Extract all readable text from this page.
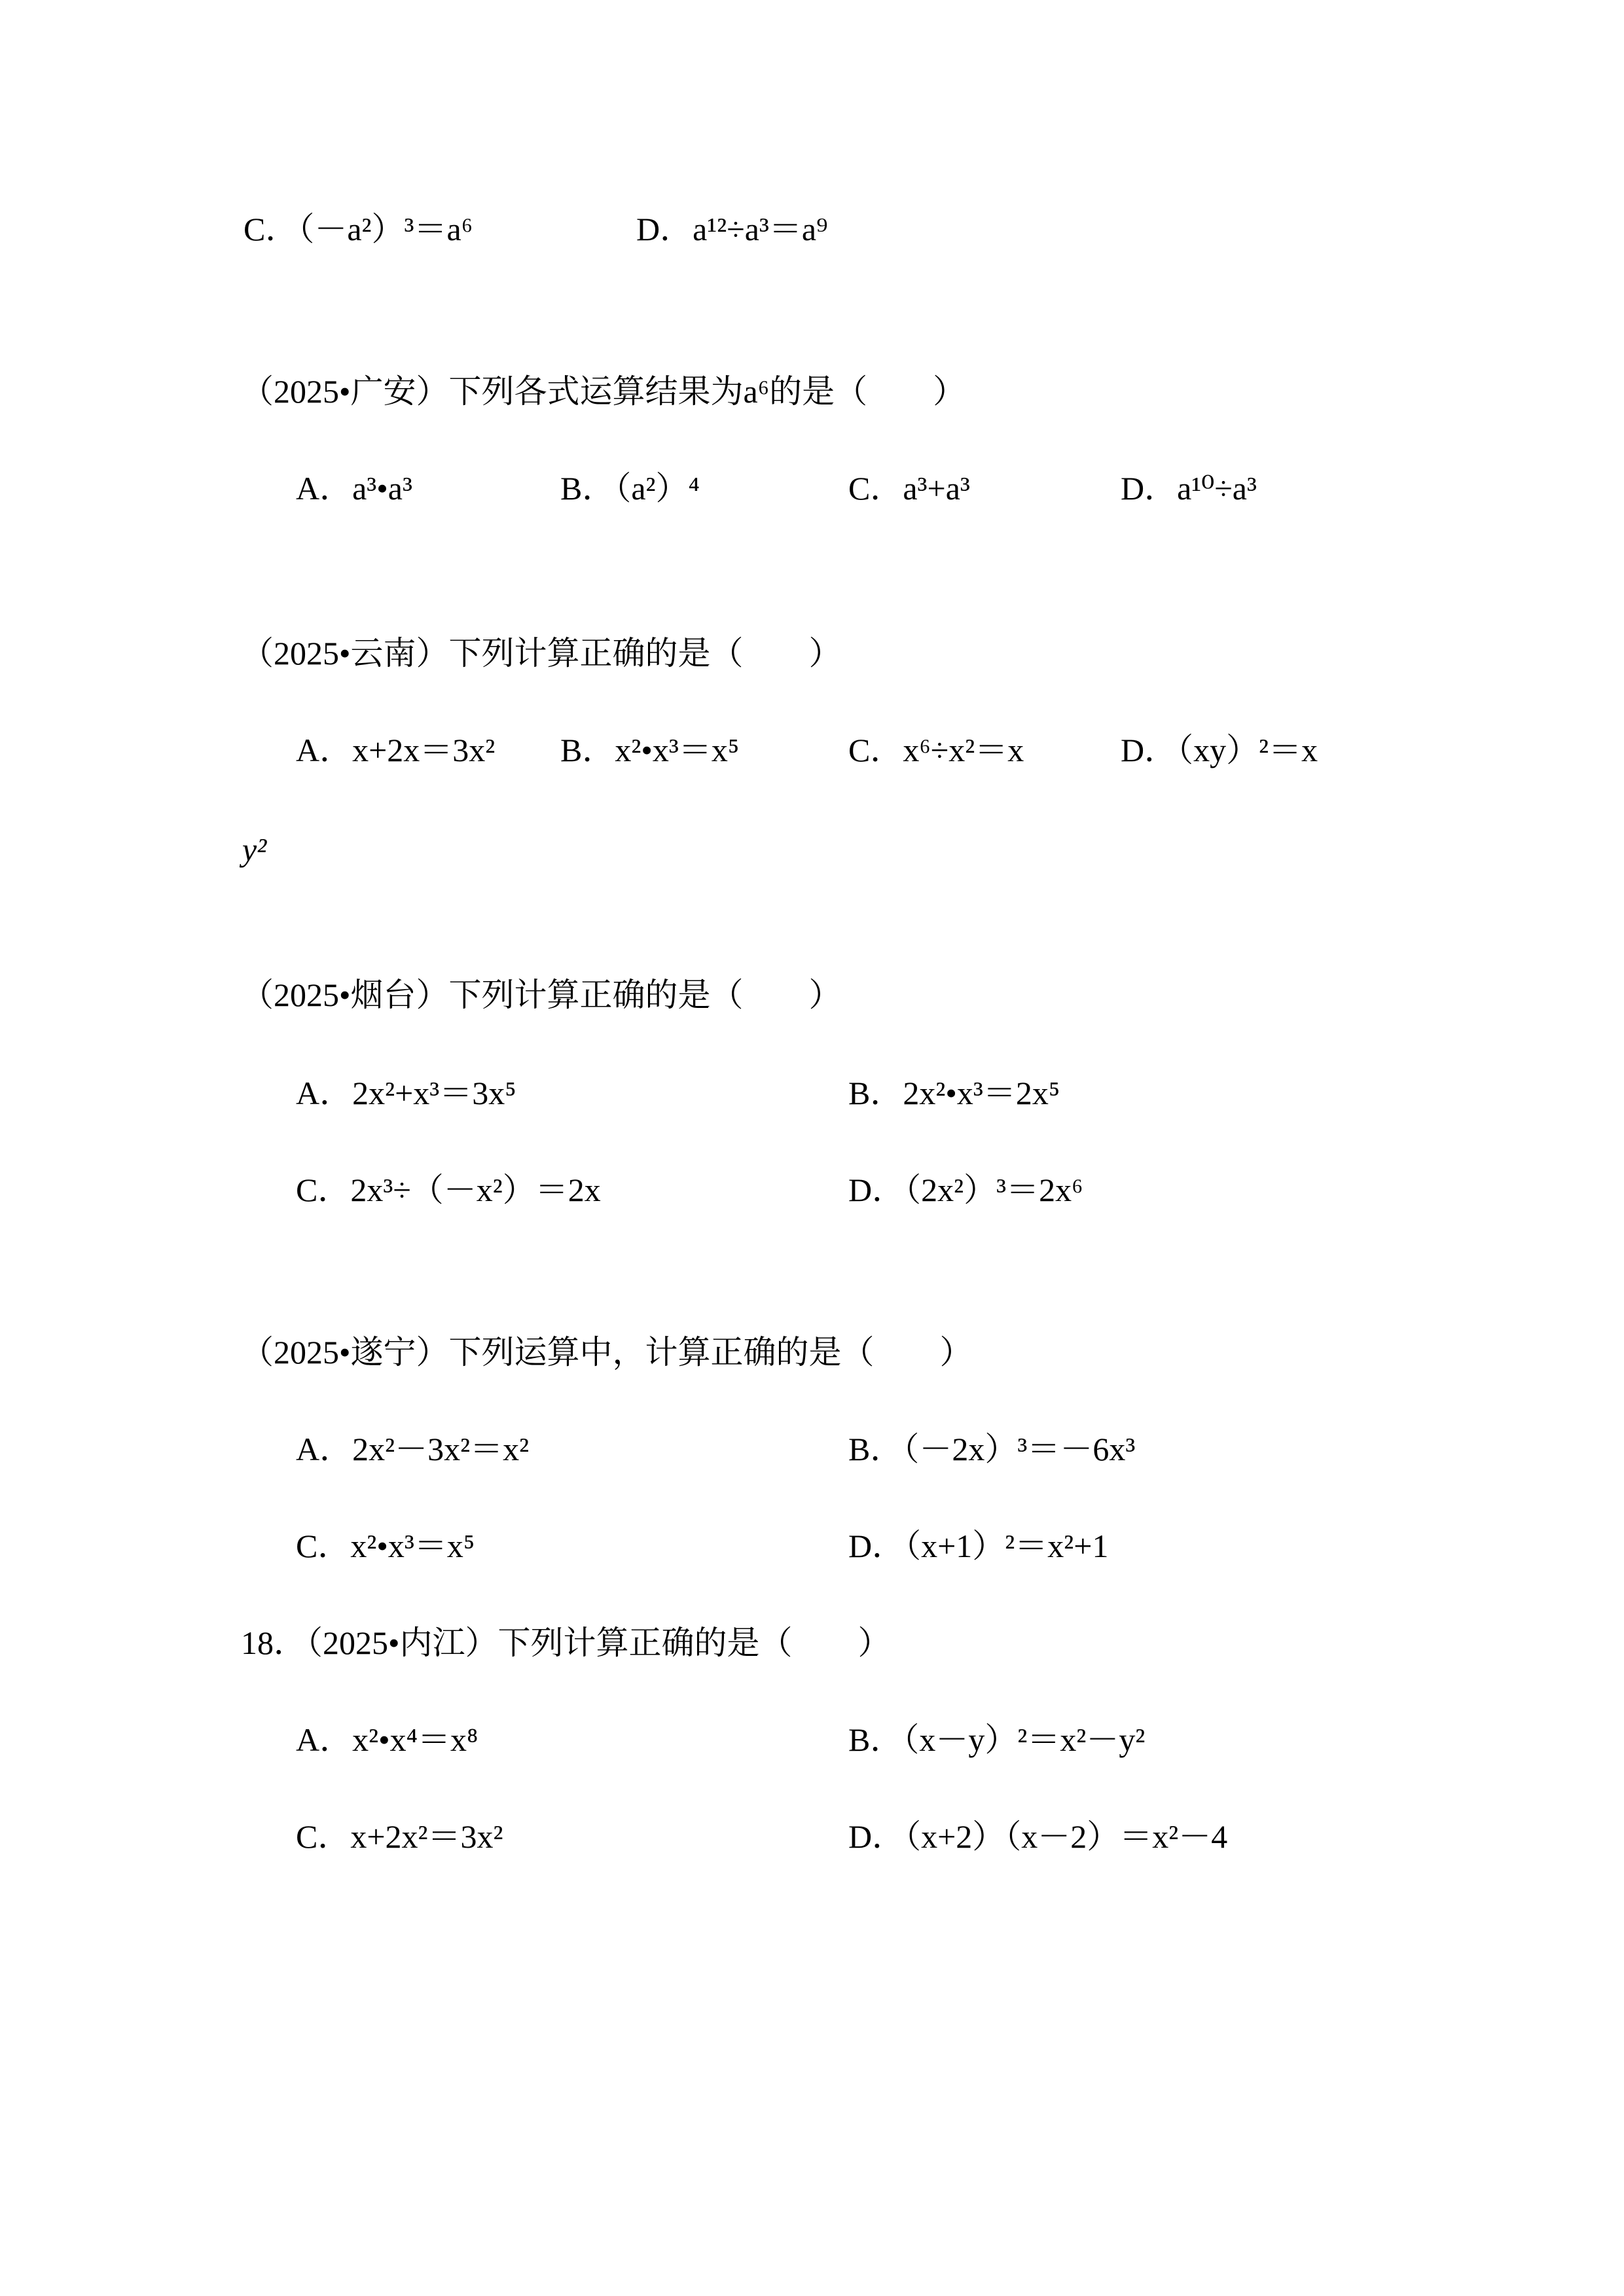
C．（－a²）³＝a⁶	D．a¹²÷a³＝a⁹
（2025•广安）下列各式运算结果为a⁶的是（　　）
A．a³•a³	B．（a²）⁴	C．a³+a³	D．a¹⁰÷a³
（2025•云南）下列计算正确的是（　　）
A．x+2x＝3x² B．x²•x³＝x⁵	C．x⁶÷x²＝x	D．（xy）²＝x
y²
（2025•烟台）下列计算正确的是（　　）
A．2x²+x³＝3x⁵	B．2x²•x³＝2x⁵
C．2x³÷（－x²）＝2x	D．（2x²）³＝2x⁶
（2025•遂宁）下列运算中，计算正确的是（　　）
A．2x²－3x²＝x²	B．（－2x）³＝－6x³
C．x²•x³＝x⁵	D．（x+1）²＝x²+1
18．（2025•内江）下列计算正确的是（　　）
A．x²•x⁴＝x⁸	B．（x－y）²＝x²－y²
C．x+2x²＝3x²	D．（x+2）（x－2）＝x²－4
